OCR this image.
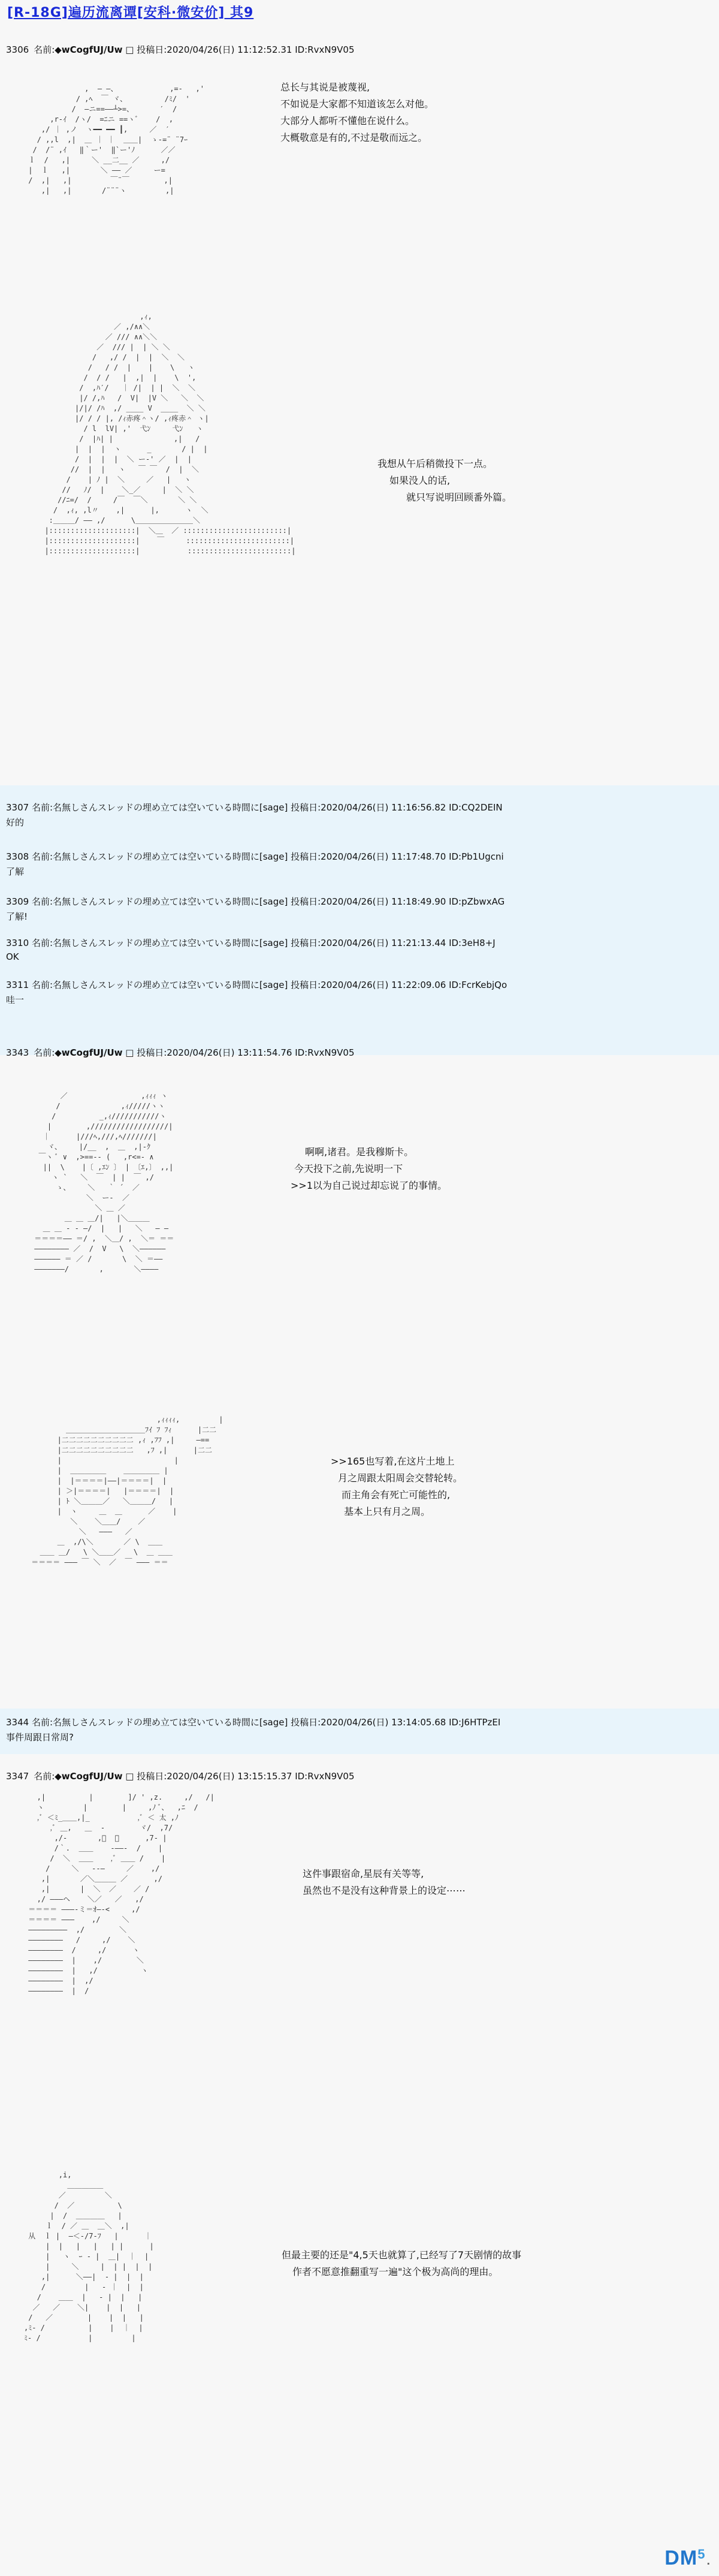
[R-18G]遍历流离谭[安科·微安价] 其9
3306 名前:◆wCogfUJ/Uw □ 投稿日:2020/04/26(日) 11:12:52.31 ID:RvxN9V05
,  ― ―、            ,=-   ,'
/ ,ﾍ  ￣ ヾ、       　/ﾐ/  '
/  ―ニ==――┴>=、      ′  /
,r‐ｲ  /ヽ/  =ﾆニ ==ヽﾞ    /  ,
,/ ｜ ,ノ  ヽ━━ ━━ ┃,     ／  ′
/ ,,l  ,|  ＿ ｜ ｜  ＿＿|  ゝ-=¨ ¨7ｰ
/  /¨ ,ｲ   ‖｀ー'  ‖`ー'ﾉ      ／／
ｌ  /   ,|     ＼ __二__ ／     ,/
|  ｌ   ,|       ＼ ―― ／     ー=
/  ,|   ,|         ￣¨￣        ,|
,|   ,|       /¨¨¨ヽ         ,|
总长与其说是被蔑视,
不如说是大家都不知道该怎么对他。
大部分人都听不懂他在说什么。
大概敬意是有的,不过是敬而远之。
,ｨ,
／ ,/∧∧＼
／ /// ∧∧＼＼
／  /// |  | ＼ ＼
/   ,/ /  |  |  ＼  ＼
/   / /  |    |    \   ヽ
/  / /   |  ,|  |    \  ',
/  ,ﾊ′/   ｜ /|  | |  ＼  ＼
|/ /,ﾊ   /  V|  |V ＼   ＼  ＼
|/|/ /ﾊ  ,/ ____ V  ____  ＼ ＼
|/ / / |, /ｨ赤疼＾ヽ/ ,ｨ疼赤＾ ヽ|
/ l  lV| ,'  弋ﾝ     弋ﾝ   ヽ
/  |ﾊ| |              ,|   /
|  |  |  ヽ      _       / |  |
/  |  |  |  ＼ ー‐' ／  |  |
//  |  |   ヽ   ￣ ￣  /  |  ＼
/    | ﾉ |  ＼     ／   |   ヽ
//   ﾉ/  |    ＼_／     |  ＼ ＼
//ﾆ=/  /     /￣  ￣＼       ＼ ＼
/  ,ｨ, ,l〃    ,|      |,      ヽ  ＼
:＿＿＿/ ―― ,/      \＿＿＿＿＿＿＿＿＼
|::::::::::::::::::::|  ＼＿  ／ ::::::::::::::::::::::::|
|::::::::::::::::::::|    ￣     ::::::::::::::::::::::::|
|::::::::::::::::::::|           ::::::::::::::::::::::::|
我想从午后稍微投下一点。
如果没人的话,
就只写说明回顾番外篇。
3307 名前:名無しさんスレッドの埋め立ては空いている時間に[sage] 投稿日:2020/04/26(日) 11:16:56.82 ID:CQ2DEIN
好的
3308 名前:名無しさんスレッドの埋め立ては空いている時間に[sage] 投稿日:2020/04/26(日) 11:17:48.70 ID:Pb1Ugcni
了解
3309 名前:名無しさんスレッドの埋め立ては空いている時間に[sage] 投稿日:2020/04/26(日) 11:18:49.90 ID:pZbwxAG
了解!
3310 名前:名無しさんスレッドの埋め立ては空いている時間に[sage] 投稿日:2020/04/26(日) 11:21:13.44 ID:3eH8+J
OK
3311 名前:名無しさんスレッドの埋め立ては空いている時間に[sage] 投稿日:2020/04/26(日) 11:22:09.06 ID:FcrKebjQo
哇一
3343 名前:◆wCogfUJ/Uw □ 投稿日:2020/04/26(日) 13:11:54.76 ID:RvxN9V05
／                 ,ｨｨｨ ヽ
/              ,ｨ/////ヽヽ
/          _,ｨ///////////ヽ
|        ,//////////////////|
｜      |///ﾍ,///,ﾍ///////|
ヾ、    |/__  ,  ＿  ,|‐ｸ
￣ヽ ﾞ ∨  ,>==-‐ (   ,r<=‐ ∧
||  \    |〔 ,ｴﾝ 〕 | 〔ｴ,〕 ,,|
ヽ `   ＼  ￣  | |  ￣ ,/
ゝ、    ＼   ｀ ´  ／
＼  ー‐  ／
＼ ＿ ／
＿ ＿ ＿/|   |＼＿＿＿
＿ ＿ ‐ ‐ ―/  |   |   ＼   ― ―
＝＝＝＝―― ＝/ ,  ＼＿/ ,  ＼＝ ＝＝
―――――――― ／  /  V   \  ＼――――――
―――――― ＝ ／ /       \  ＼ ＝――
―――――――/       ,       ＼――――
啊啊,诸君。是我穆斯卡。
今天投下之前,先说明一下
>>1以为自己说过却忘说了的事情。
,ｨｨｨｨ,         |
＿＿＿＿＿＿＿＿＿＿＿ﾌｲ ﾌ ﾌｨ      |二二
|二二二二二二二二二二 ,ｨ ,ﾌﾌ ,|     ―==
|二二二二二二二二二二   ,ﾌ ,|      |二二
|                          |
|  ＿＿＿＿＿    ＿＿＿＿＿ |
|  |＝＝＝＝|――|＝＝＝＝|  |
| ＞|＝＝＝＝|   |＝＝＝＝|  |
| ﾄ ＼＿＿＿／   ＼＿＿＿/   |
|  ヽ     ＿  ＿      ／    |
＼    ＼＿＿/    ／
＼   ―――   ／
＿  ,/\＼       ／ \  ＿＿
＿＿ ＿/   \ ＼＿＿／   \  ＿ ＿＿
＝＝＝＝ ――― ￣ ＼  ／  ￣ ――― ＝＝
>>165也写着,在这片土地上
月之周跟太阳周会交替轮转。
而主角会有死亡可能性的,
基本上只有月之周。
3344 名前:名無しさんスレッドの埋め立ては空いている時間に[sage] 投稿日:2020/04/26(日) 13:14:05.68 ID:J6HTPzEI
事件周跟日常周?
3347 名前:◆wCogfUJ/Uw □ 投稿日:2020/04/26(日) 13:15:15.37 ID:RvxN9V05
,|          |        ]/ ' ,z.     ,/   /|
ヽ         |        |     ,ﾉ ﾞ、  ,ﾆ  /
,ﾞ ＜ﾐ_＿＿,|_           ,ﾞ ＜ 太 ,ﾉ
,ﾞ ＿,   ＿  -        ヾ/  ,7/
,/‐       ,ﾞ  ＼      ,7‐ |
/｀.  ＿＿    ‐――‐  /    |
/  ＼  ＿＿    ,ﾞ ＿＿ /    |
/     ＼   ‐‐―     ／    ,/
,|       ／＼＿＿＿ ／      ,/
,|       |  ＼  ／    ／ /
,/ ―――ヘ    ＼／   ／   ,/
＝＝＝＝ ―――‐ミ＝ｵ―‐<     ,/
＝＝＝＝ ―――    ,/     ＼
―――――――――  ,/        ＼
――――――――   /     ,/    ＼
――――――――  /     ,/      ヽ
――――――――  |    ,/        ＼
――――――――  |   ,/          ヽ
――――――――  |  ,/
――――――――  |  /
这件事跟宿命,星辰有关等等,
虽然也不是没有这种背景上的设定⋯⋯
,i,
＿＿＿＿＿
／         ＼
/  ／          \
|  /  ＿＿＿＿   |
ｌ  / ／ ＿  ＿＼  ,|
从  ｌ |  ―＜-/7‐ﾌ   |      ｜
|  |   |   |   | |      |
|   ヽ  ｰ ‐ |  ＿|  ｜  |
|     ＼     |  | |  |  |
,|      ＼――|  ‐ |  |  |
/         |   ‐ ｜  |  |
/    ＿＿  |   ‐ |  |   |
／   ／    ＼|    |  |   |
/   ／        |    |  |   |
,ﾐ‐ /          |    |  ｜  |
ﾐ‐ /           |         |
但最主要的还是"4,5天也就算了,已经写了7天剧情的故事
作者不愿意推翻重写一遍"这个极为高尚的理由。
$DM^5$ .
